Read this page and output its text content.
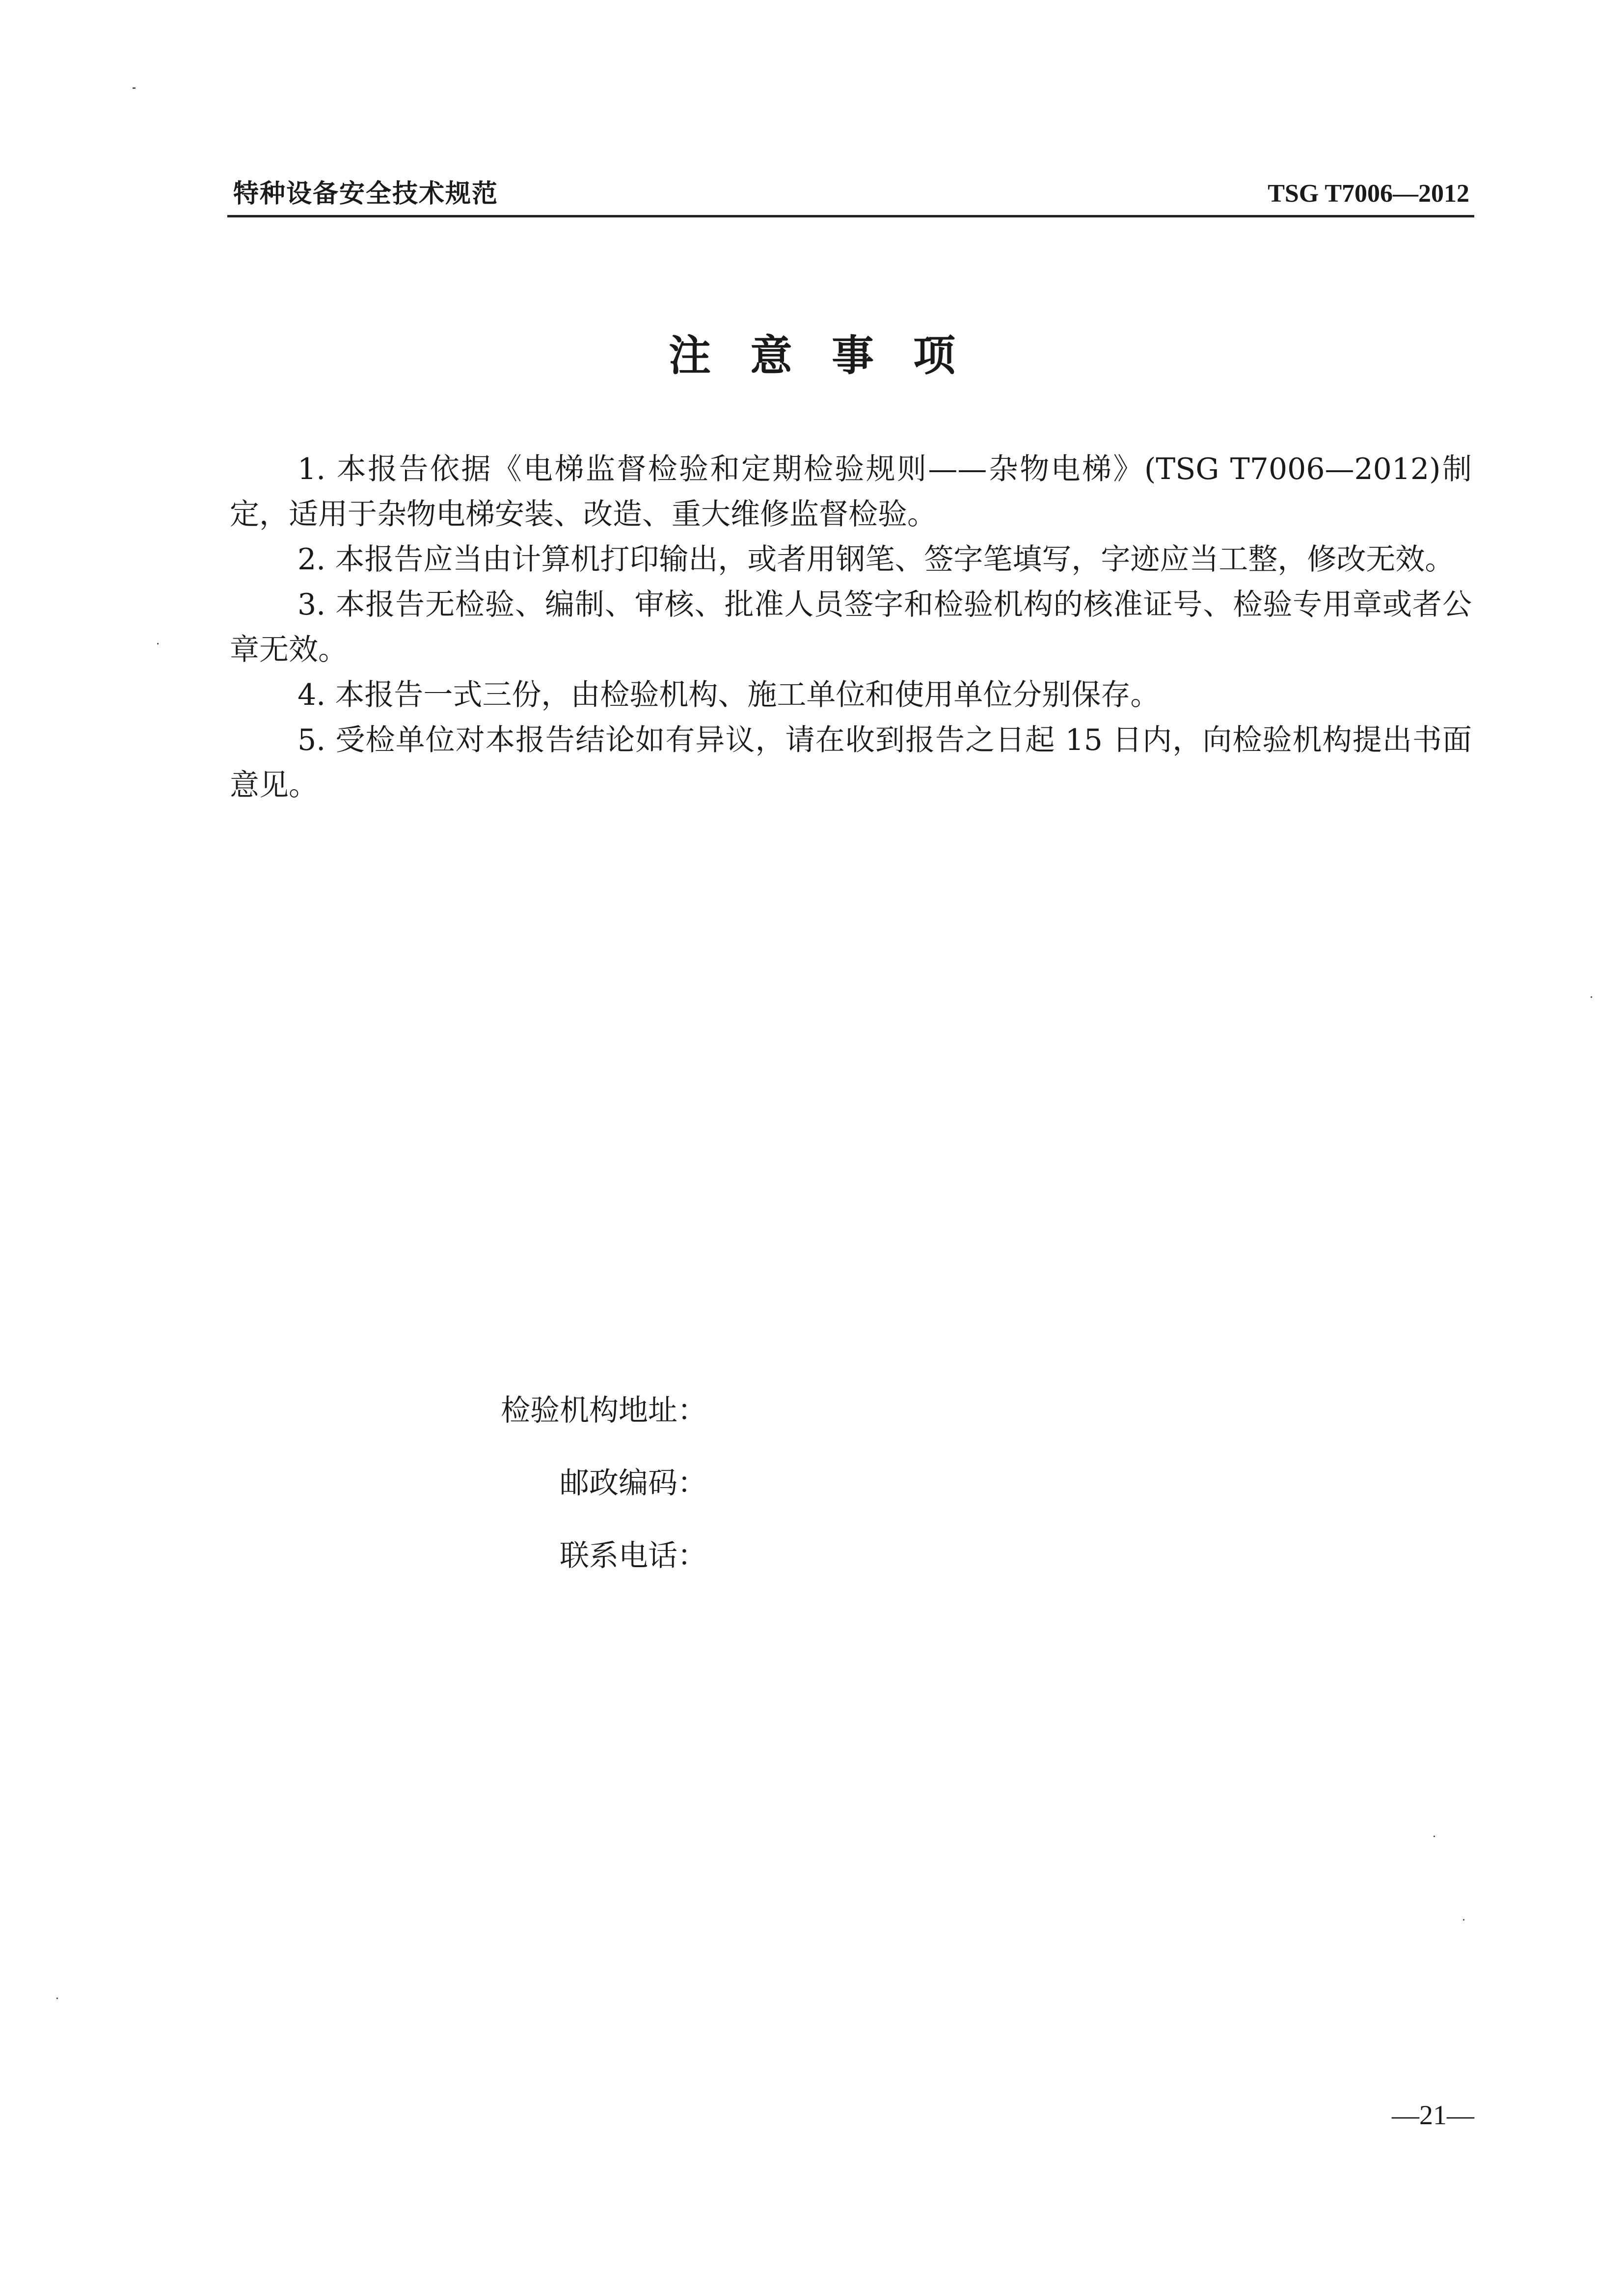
特种设备安全技术规范	TSG T7006—2012
注意事项

1. 本报告依据《电梯监督检验和定期检验规则——杂物电梯》(TSG T7006—2012)制定，适用于杂物电梯安装、改造、重大维修监督检验。

2. 本报告应当由计算机打印输出，或者用钢笔、签字笔填写，字迹应当工整，修改无效。

3. 本报告无检验、编制、审核、批准人员签字和检验机构的核准证号、检验专用章或者公章无效。

4. 本报告一式三份，由检验机构、施工单位和使用单位分别保存。

5. 受检单位对本报告结论如有异议，请在收到报告之日起 15 日内，向检验机构提出书面意见。

检验机构地址：
邮政编码：
联系电话：
—21—
